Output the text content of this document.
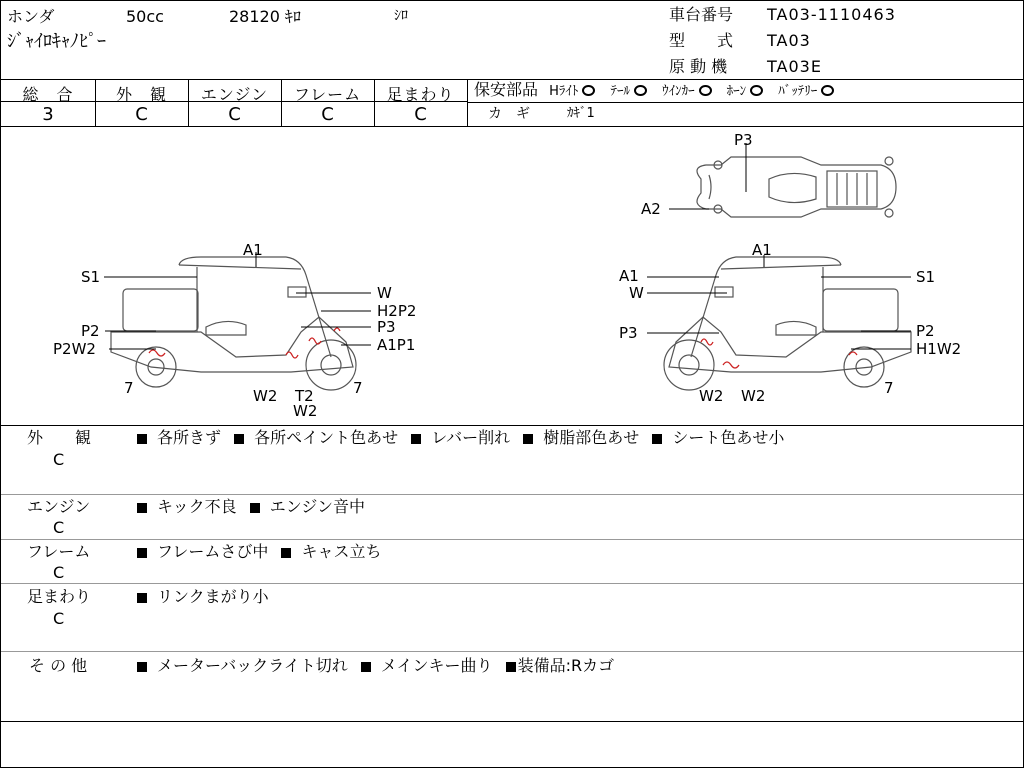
ホンダ	50cc	28120 ｷﾛ	ｼﾛ
ｼﾞｬｲﾛｷｬﾉﾋﾟｰ
車台番号 TA03-1110463
型　　式 TA03
原 動 機 TA03E
総　合	外　観	エンジン	フレーム	足まわり
3	C	C	C	C
保安部品 Hﾗｲﾄ ﾃｰﾙ ｳｲﾝｶｰ ﾎｰﾝ ﾊﾞｯﾃﾘｰ
カ　ギ	ｶｷﾞ1
A1
S1
W
H2P2
P3
P2
A1P1
P2W2
7	W2 T2
W2
7
A1
A1	S1
W
P3	P2
H1W2
W2 W2	7
P3
A2
外　　観
C
各所きず 各所ペイント色あせ レバー削れ 樹脂部色あせ シート色あせ小
エンジン
C
キック不良 エンジン音中
フレーム
C
フレームさび中 キャス立ち
足まわり
C
リンクまがり小
そ の 他	メーターバックライト切れ メインキー曲り 装備品:Rカゴ
